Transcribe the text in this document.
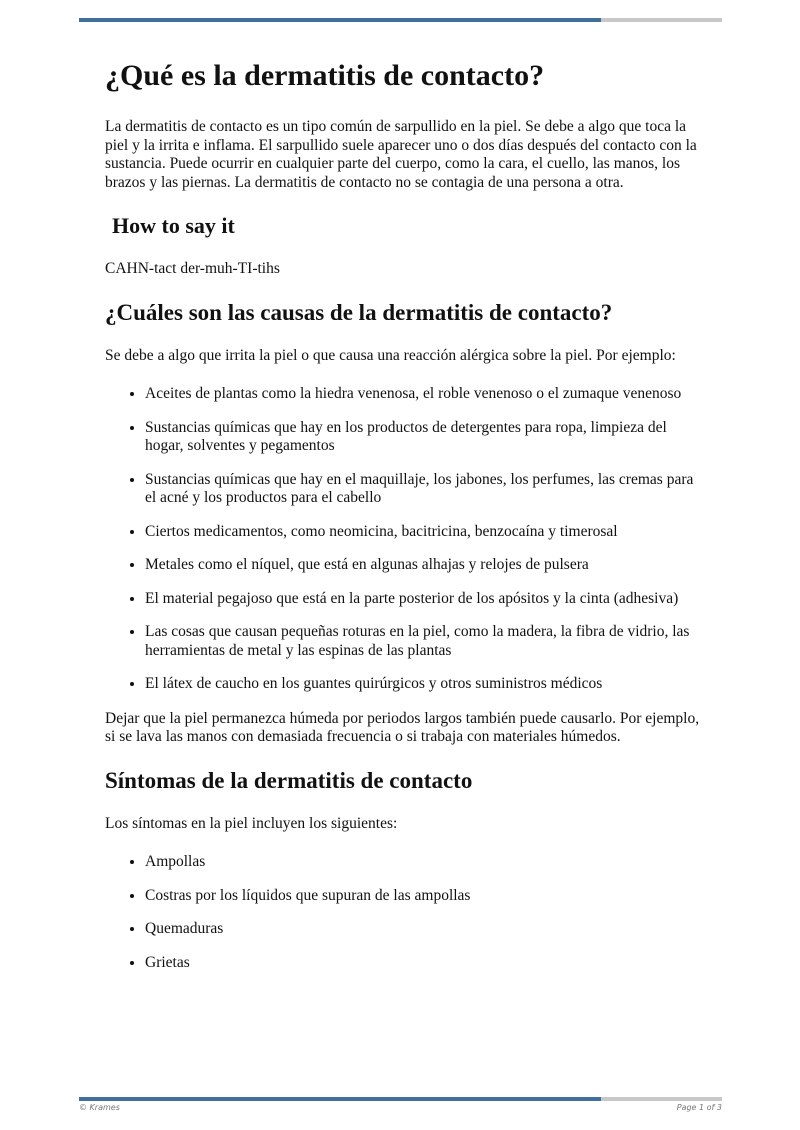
¿Qué es la dermatitis de contacto?

La dermatitis de contacto es un tipo común de sarpullido en la piel. Se debe a algo que toca la piel y la irrita e inflama. El sarpullido suele aparecer uno o dos días después del contacto con la sustancia. Puede ocurrir en cualquier parte del cuerpo, como la cara, el cuello, las manos, los brazos y las piernas. La dermatitis de contacto no se contagia de una persona a otra.

How to say it

CAHN-tact der-muh-TI-tihs

¿Cuáles son las causas de la dermatitis de contacto?

Se debe a algo que irrita la piel o que causa una reacción alérgica sobre la piel. Por ejemplo:

• Aceites de plantas como la hiedra venenosa, el roble venenoso o el zumaque venenoso
• Sustancias químicas que hay en los productos de detergentes para ropa, limpieza del hogar, solventes y pegamentos
• Sustancias químicas que hay en el maquillaje, los jabones, los perfumes, las cremas para el acné y los productos para el cabello
• Ciertos medicamentos, como neomicina, bacitricina, benzocaína y timerosal
• Metales como el níquel, que está en algunas alhajas y relojes de pulsera
• El material pegajoso que está en la parte posterior de los apósitos y la cinta (adhesiva)
• Las cosas que causan pequeñas roturas en la piel, como la madera, la fibra de vidrio, las herramientas de metal y las espinas de las plantas
• El látex de caucho en los guantes quirúrgicos y otros suministros médicos

Dejar que la piel permanezca húmeda por periodos largos también puede causarlo. Por ejemplo, si se lava las manos con demasiada frecuencia o si trabaja con materiales húmedos.

Síntomas de la dermatitis de contacto

Los síntomas en la piel incluyen los siguientes:

• Ampollas
• Costras por los líquidos que supuran de las ampollas
• Quemaduras
• Grietas
© Krames	Page 1 of 3
